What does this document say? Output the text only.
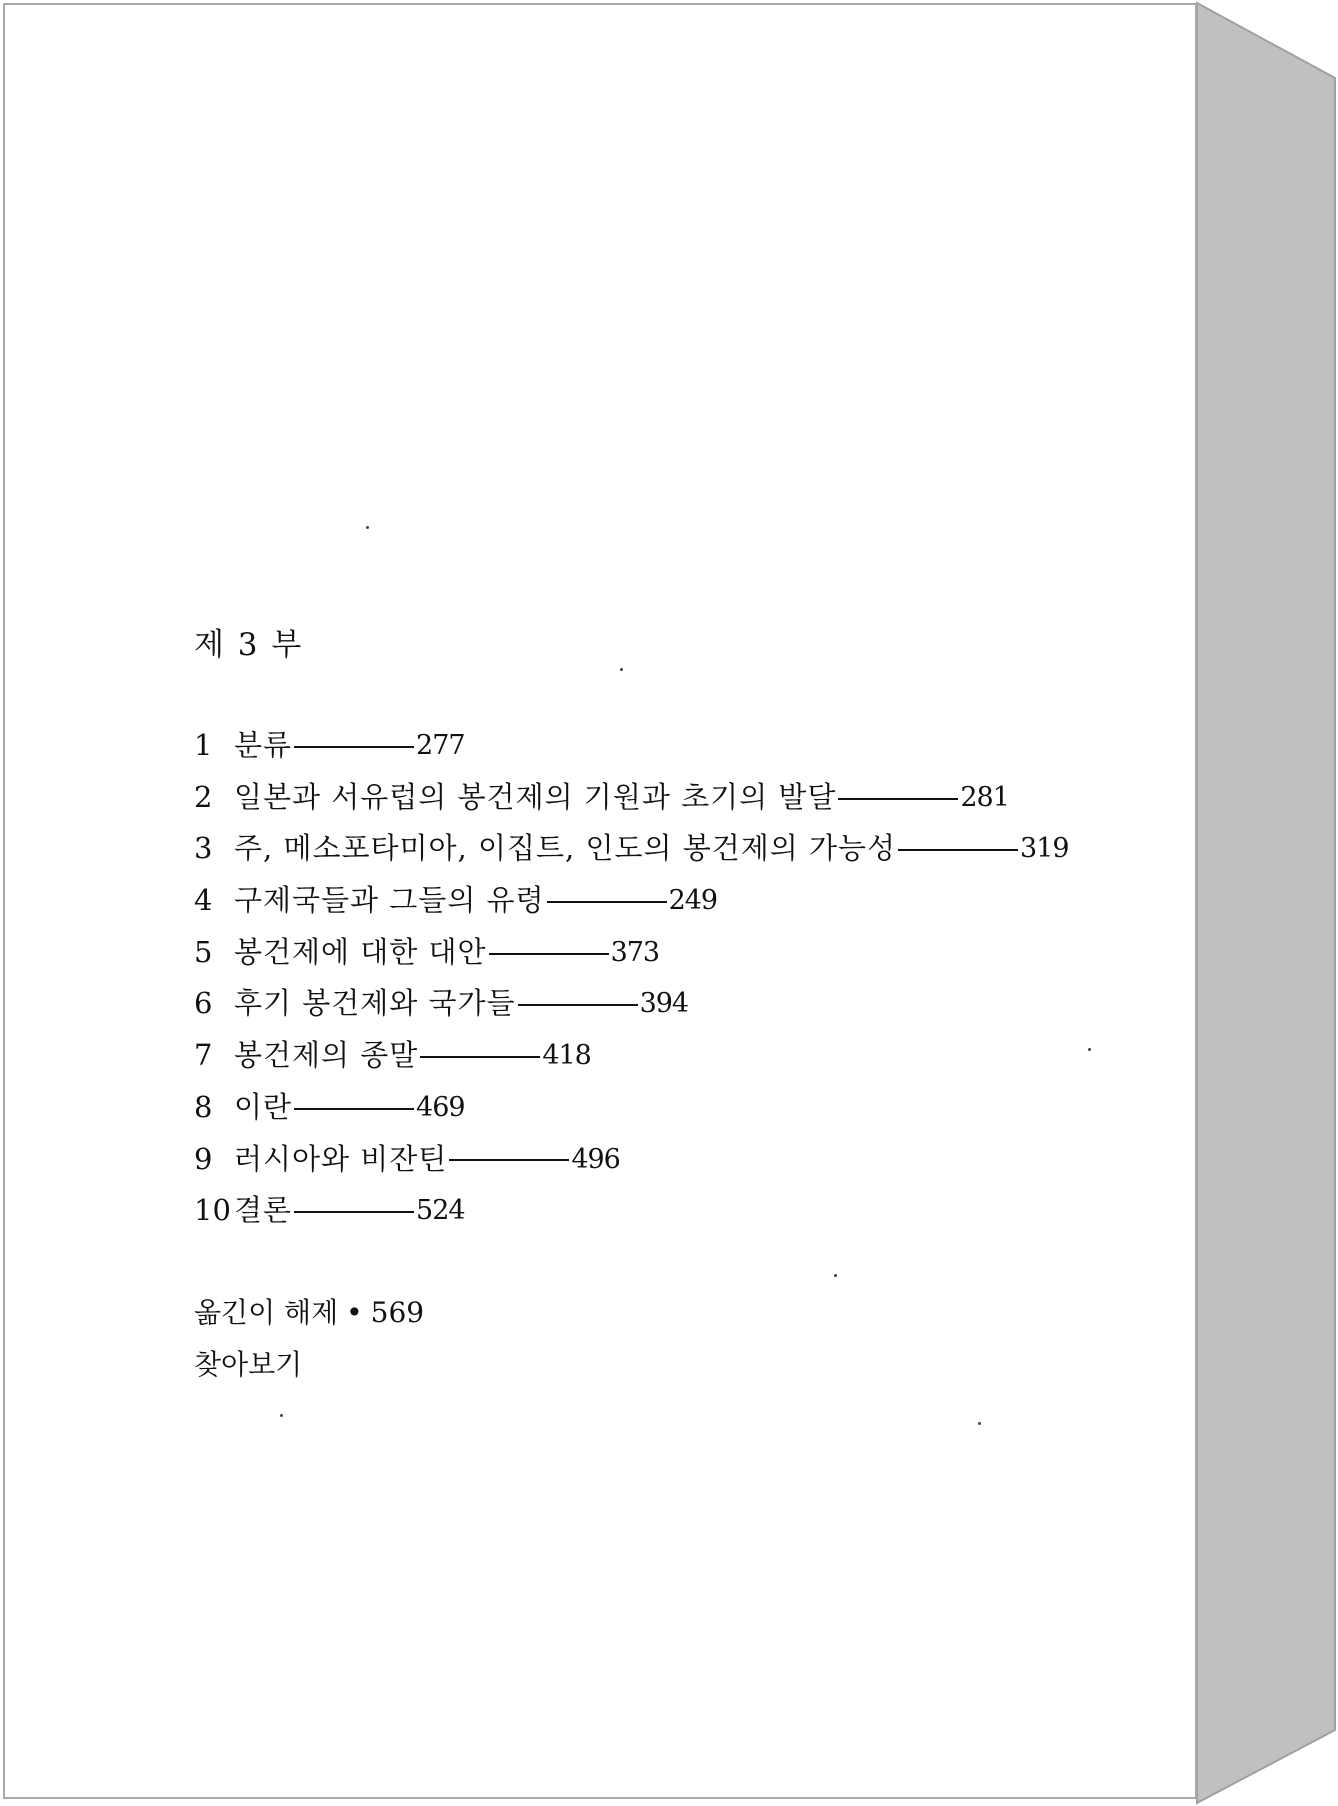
제 3 부
1 분류	277
2 일본과 서유럽의 봉건제의 기원과 초기의 발달	281
3 주, 메소포타미아, 이집트, 인도의 봉건제의 가능성	319
4 구제국들과 그들의 유령	249
5 봉건제에 대한 대안	373
6 후기 봉건제와 국가들	394
7 봉건제의 종말	418
8 이란	469
9 러시아와 비잔틴	496
10 결론	524
옮긴이 해제 • 569
찾아보기
